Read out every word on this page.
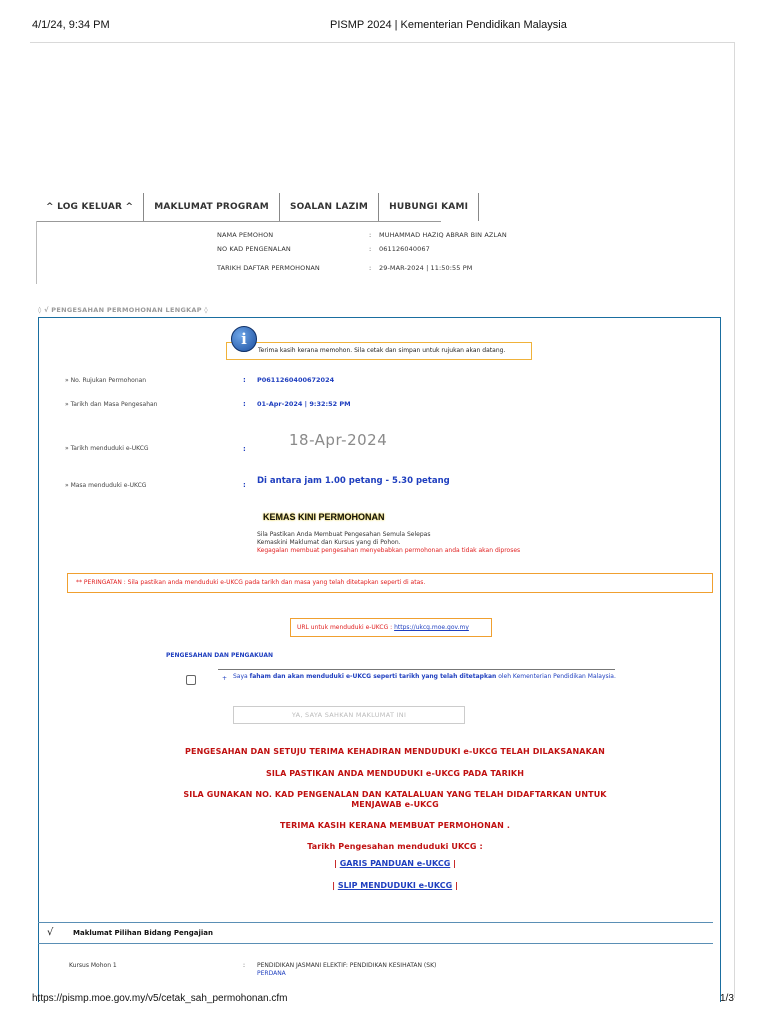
4/1/24, 9:34 PM	PISMP 2024 | Kementerian Pendidikan Malaysia
^ LOG KELUAR ^	MAKLUMAT PROGRAM	SOALAN LAZIM	HUBUNGI KAMI
NAMA PEMOHON	: MUHAMMAD HAZIQ ABRAR BIN AZLAN
NO KAD PENGENALAN	: 061126040067
TARIKH DAFTAR PERMOHONAN	: 29-MAR-2024 | 11:50:55 PM
◊ √ PENGESAHAN PERMOHONAN LENGKAP ◊
i
Terima kasih kerana memohon. Sila cetak dan simpan untuk rujukan akan datang.
» No. Rujukan Permohonan	: P0611260400672024
» Tarikh dan Masa Pengesahan	: 01-Apr-2024 | 9:32:52 PM
» Tarikh menduduki e-UKCG	:	18-Apr-2024
» Masa menduduki e-UKCG	: Di antara jam 1.00 petang - 5.30 petang
KEMAS KINI PERMOHONAN
Sila Pastikan Anda Membuat Pengesahan Semula Selepas
Kemaskini Maklumat dan Kursus yang di Pohon.
Kegagalan membuat pengesahan menyebabkan permohonan anda tidak akan diproses
** PERINGATAN : Sila pastikan anda menduduki e-UKCG pada tarikh dan masa yang telah ditetapkan seperti di atas.
URL untuk menduduki e-UKCG : https://ukcg.moe.gov.my
PENGESAHAN DAN PENGAKUAN
+ Saya faham dan akan menduduki e-UKCG seperti tarikh yang telah ditetapkan oleh Kementerian Pendidikan Malaysia.
YA, SAYA SAHKAN MAKLUMAT INI
PENGESAHAN DAN SETUJU TERIMA KEHADIRAN MENDUDUKI e-UKCG TELAH DILAKSANAKAN
SILA PASTIKAN ANDA MENDUDUKI e-UKCG PADA TARIKH
SILA GUNAKAN NO. KAD PENGENALAN DAN KATALALUAN YANG TELAH DIDAFTARKAN UNTUK MENJAWAB e-UKCG
TERIMA KASIH KERANA MEMBUAT PERMOHONAN .
Tarikh Pengesahan menduduki UKCG :
| GARIS PANDUAN e-UKCG |
| SLIP MENDUDUKI e-UKCG |
√	Maklumat Pilihan Bidang Pengajian
Kursus Mohon 1	: PENDIDIKAN JASMANI ELEKTIF: PENDIDIKAN KESIHATAN (SK)
PERDANA
https://pismp.moe.gov.my/v5/cetak_sah_permohonan.cfm	1/3
